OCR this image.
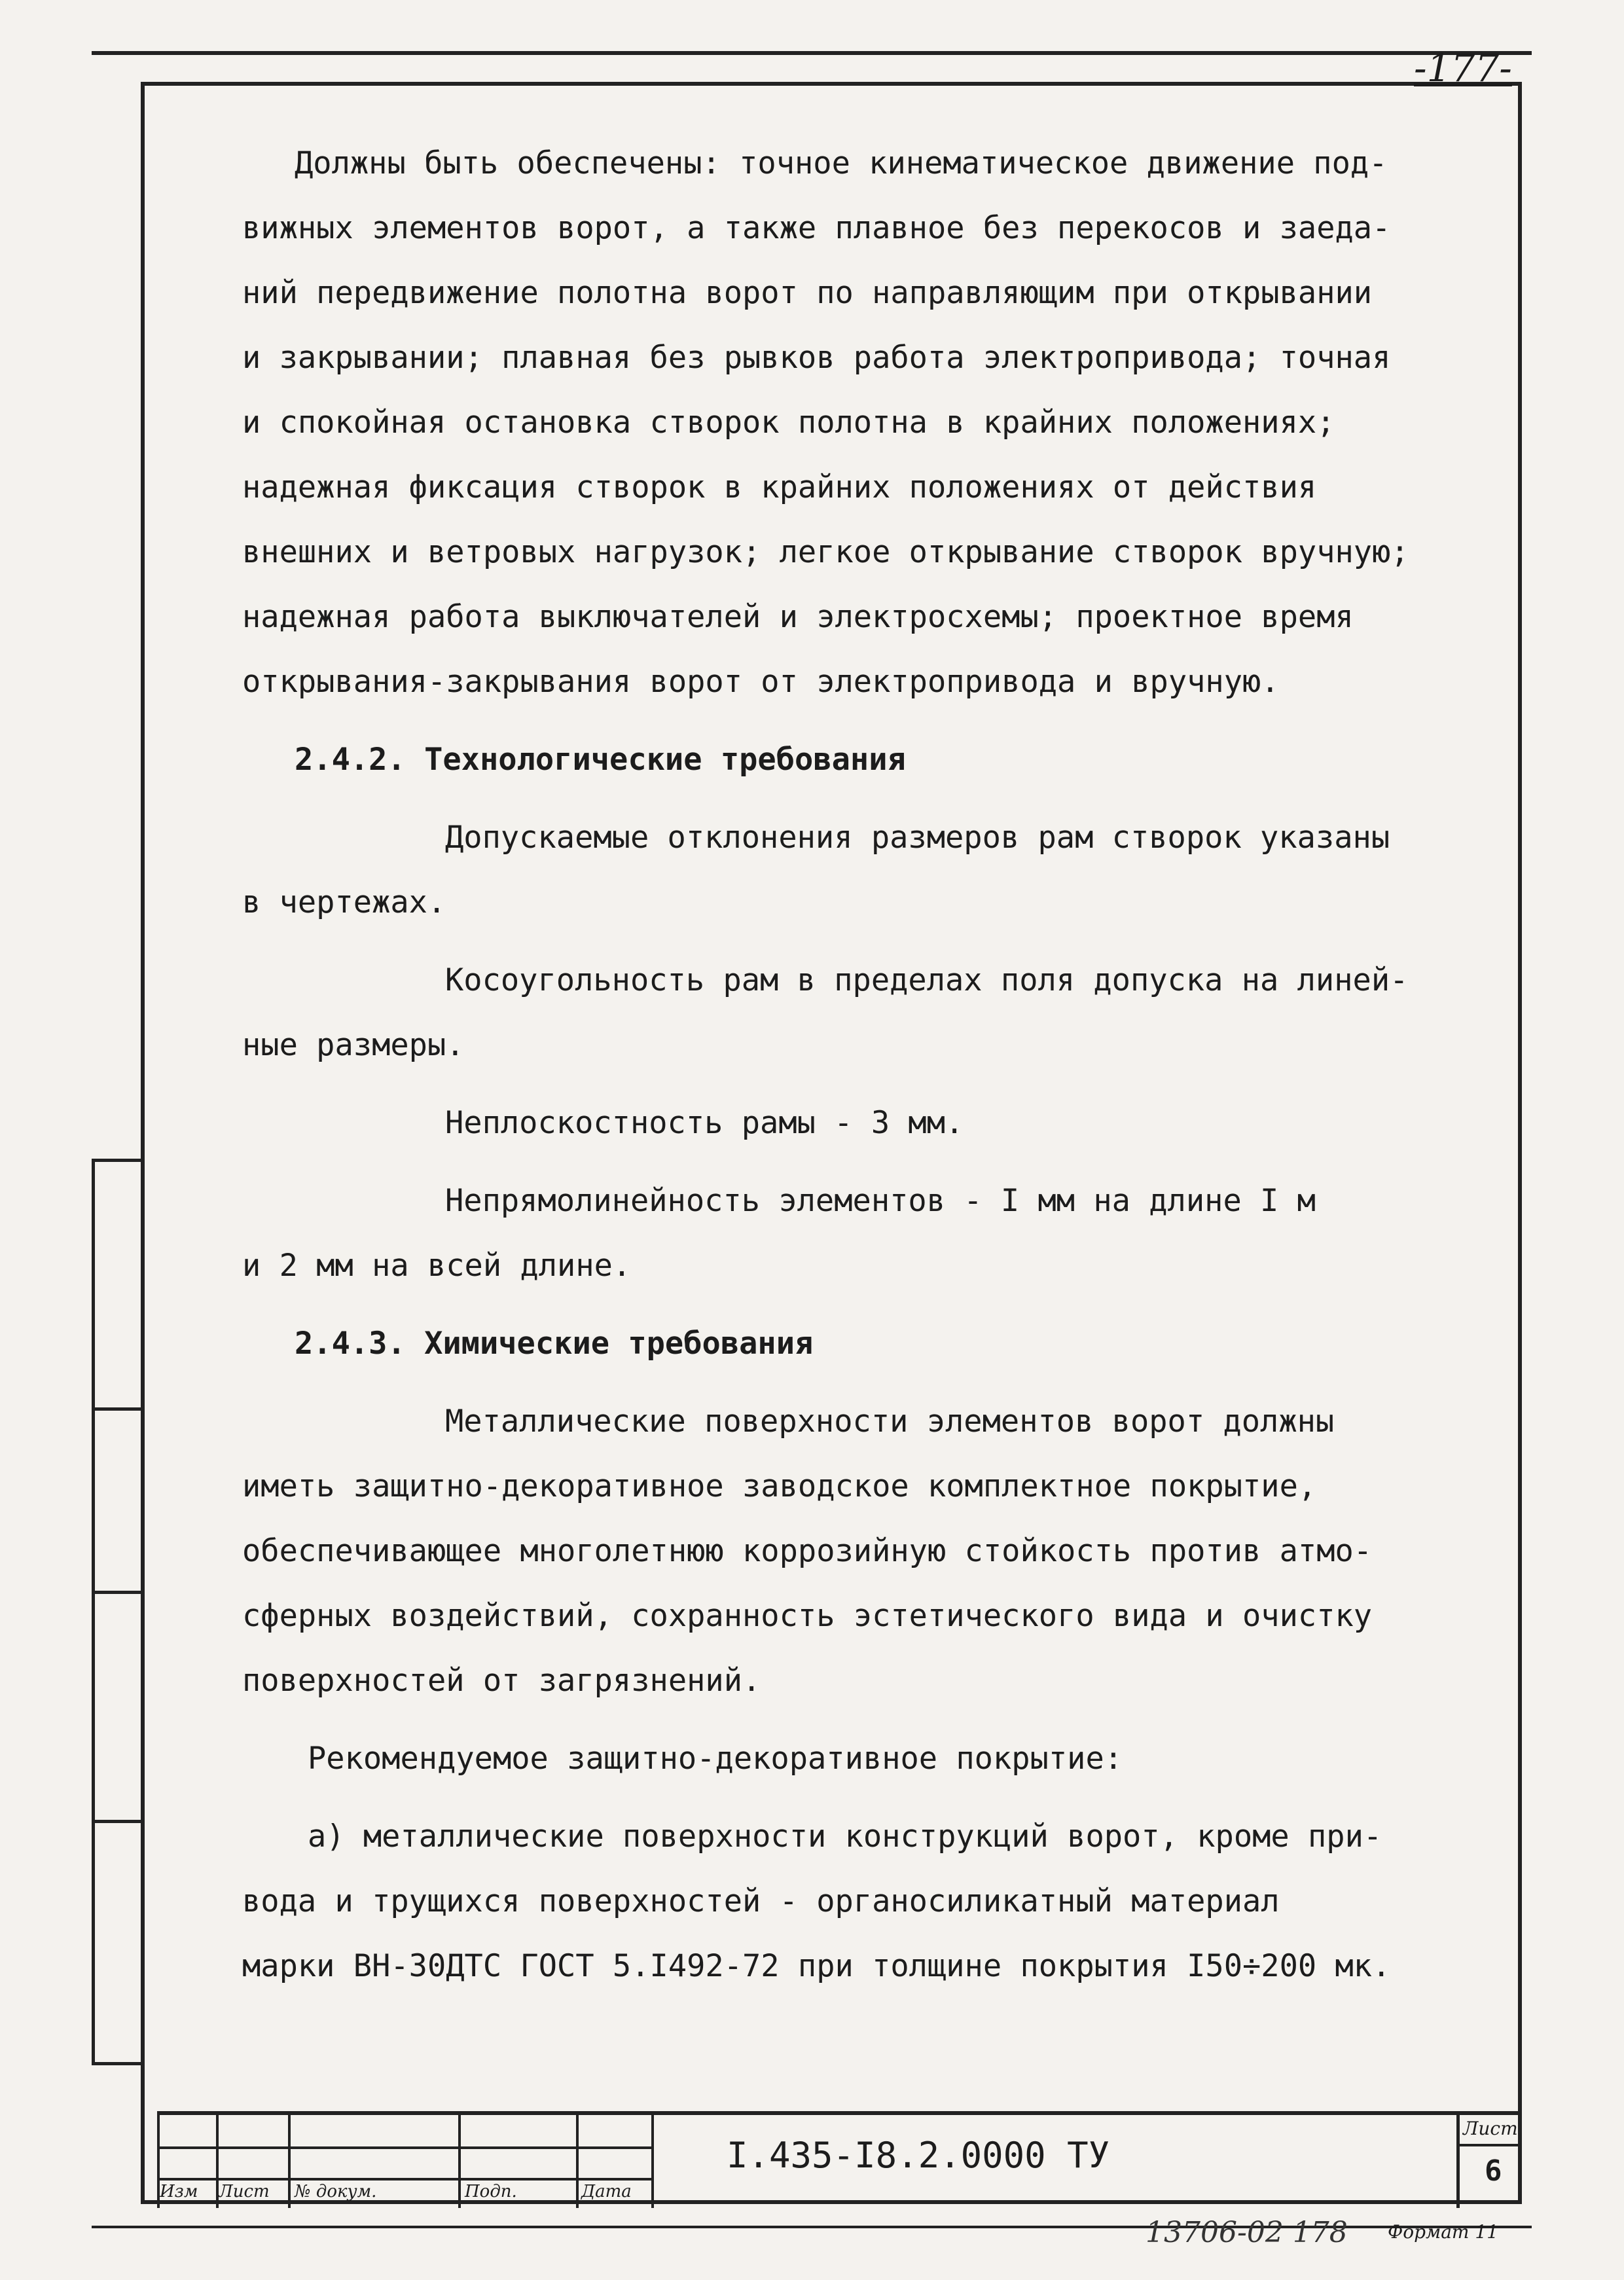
-177-

Должны быть обеспечены: точное кинематическое движение под-

вижных элементов ворот, а также плавное без перекосов и заеда-

ний передвижение полотна ворот по направляющим при открывании

и закрывании; плавная без рывков работа электропривода; точная

и спокойная остановка створок полотна в крайних положениях;

надежная фиксация створок в крайних положениях от действия

внешних и ветровых нагрузок; легкое открывание створок вручную;

надежная работа выключателей и электросхемы; проектное время

открывания-закрывания ворот от электропривода и вручную.

2.4.2. Технологические требования

Допускаемые отклонения размеров рам створок указаны

в чертежах.

Косоугольность рам в пределах поля допуска на линей-

ные размеры.

Неплоскостность рамы - 3 мм.

Непрямолинейность элементов - I мм на длине I м

и 2 мм на всей длине.

2.4.3. Химические требования

Металлические поверхности элементов ворот должны

иметь защитно-декоративное заводское комплектное покрытие,

обеспечивающее многолетнюю коррозийную стойкость против атмо-

сферных воздействий, сохранность эстетического вида и очистку

поверхностей от загрязнений.

Рекомендуемое защитно-декоративное покрытие:

а) металлические поверхности конструкций ворот, кроме при-

вода и трущихся поверхностей - органосиликатный материал

марки ВН-30ДТС ГОСТ 5.I492-72 при толщине покрытия I50÷200 мк.

Изм Лист № докум.	Подп.	Дата
I.435-I8.2.0000 ТУ
Лист
6
13706-02 178 Формат 11
